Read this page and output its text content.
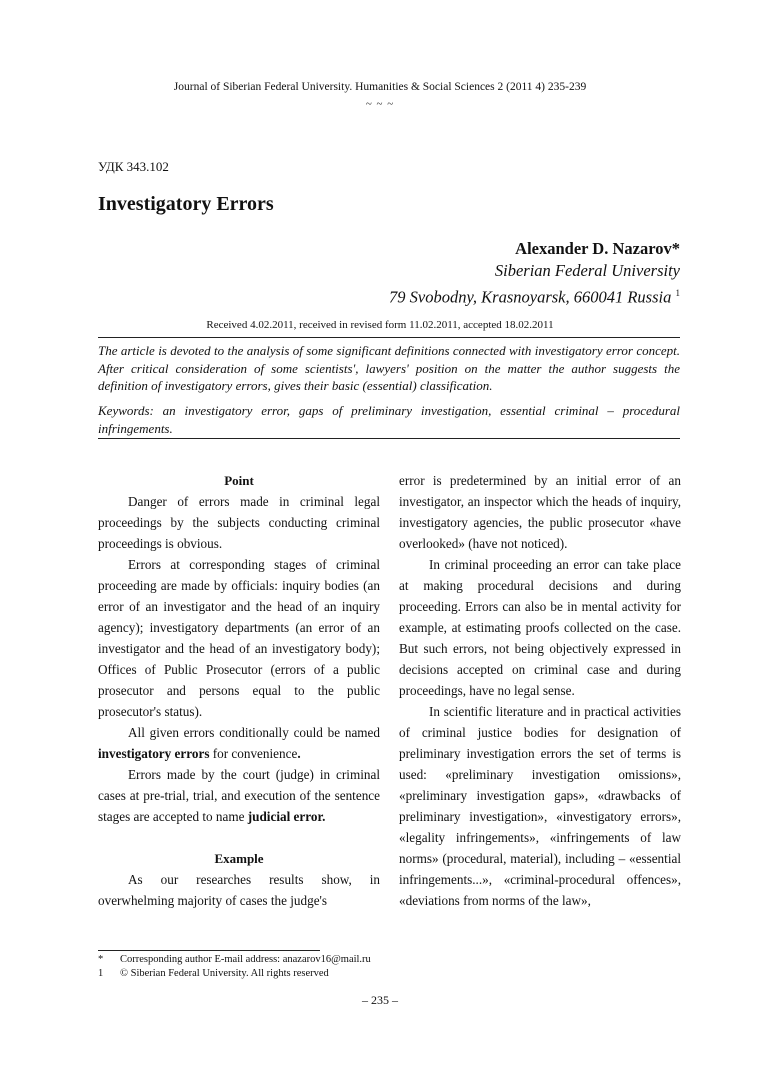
Journal of Siberian Federal University. Humanities & Social Sciences 2 (2011 4) 235-239
~ ~ ~
УДК 343.102
Investigatory Errors
Alexander D. Nazarov*
Siberian Federal University
79 Svobodny, Krasnoyarsk, 660041 Russia $^1$
Received 4.02.2011, received in revised form 11.02.2011, accepted 18.02.2011
The article is devoted to the analysis of some significant definitions connected with investigatory error concept. After critical consideration of some scientists', lawyers' position on the matter the author suggests the definition of investigatory errors, gives their basic (essential) classification.
Keywords: an investigatory error, gaps of preliminary investigation, essential criminal – procedural infringements.
Point

Danger of errors made in criminal legal proceedings by the subjects conducting criminal proceedings is obvious.

Errors at corresponding stages of criminal proceeding are made by officials: inquiry bodies (an error of an investigator and the head of an inquiry agency); investigatory departments (an error of an investigator and the head of an investigatory body); Offices of Public Prosecutor (errors of a public prosecutor and persons equal to the public prosecutor's status).

All given errors conditionally could be named investigatory errors for convenience.

Errors made by the court (judge) in criminal cases at pre-trial, trial, and execution of the sentence stages are accepted to name judicial error.

Example

As our researches results show, in overwhelming majority of cases the judge's

error is predetermined by an initial error of an investigator, an inspector which the heads of inquiry, investigatory agencies, the public prosecutor «have overlooked» (have not noticed).

In criminal proceeding an error can take place at making procedural decisions and during proceeding. Errors can also be in mental activity for example, at estimating proofs collected on the case. But such errors, not being objectively expressed in decisions accepted on criminal case and during proceedings, have no legal sense.

In scientific literature and in practical activities of criminal justice bodies for designation of preliminary investigation errors the set of terms is used: «preliminary investigation omissions», «preliminary investigation gaps», «drawbacks of preliminary investigation», «investigatory errors», «legality infringements», «infringements of law norms» (procedural, material), including – «essential infringements...», «criminal-procedural offences», «deviations from norms of the law»,

* Corresponding author E-mail address: anazarov16@mail.ru
1 © Siberian Federal University. All rights reserved
– 235 –
